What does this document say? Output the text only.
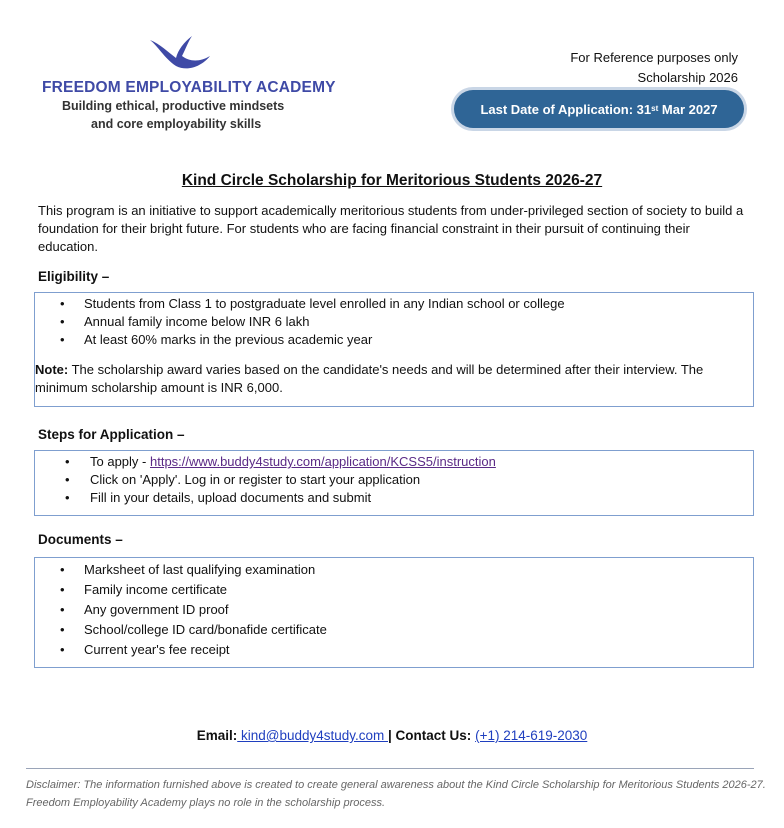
FREEDOM EMPLOYABILITY ACADEMY
Building ethical, productive mindsets
and core employability skills
For Reference purposes only
Scholarship 2026
Last Date of Application: 31 st Mar 2027
Kind Circle Scholarship for Meritorious Students 2026-27
This program is an initiative to support academically meritorious students from under-privileged section of society to build a foundation for their bright future. For students who are facing financial constraint in their pursuit of continuing their education.
Eligibility –
• Students from Class 1 to postgraduate level enrolled in any Indian school or college
• Annual family income below INR 6 lakh
• At least 60% marks in the previous academic year
Note: The scholarship award varies based on the candidate's needs and will be determined after their interview. The minimum scholarship amount is INR 6,000.
Steps for Application –
• To apply - https://www.buddy4study.com/application/KCSS5/instruction
• Click on 'Apply'. Log in or register to start your application
• Fill in your details, upload documents and submit
Documents –
• Marksheet of last qualifying examination
• Family income certificate
• Any government ID proof
• School/college ID card/bonafide certificate
• Current year's fee receipt
Email: kind@buddy4study.com | Contact Us: (+1) 214-619-2030
Disclaimer: The information furnished above is created to create general awareness about the Kind Circle Scholarship for Meritorious Students 2026-27. Freedom Employability Academy plays no role in the scholarship process.
